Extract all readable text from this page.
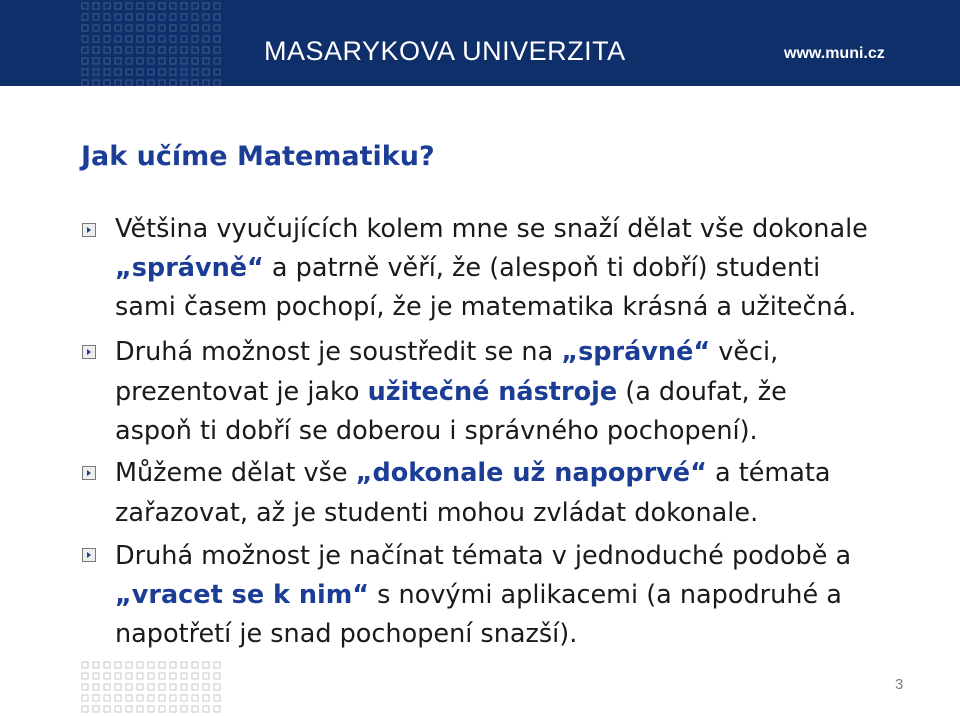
MASARYKOVA UNIVERZITA	www.muni.cz
Jak učíme Matematiku?
Většina vyučujících kolem mne se snaží dělat vše dokonale
„správně“ a patrně věří, že (alespoň ti dobří) studenti
sami časem pochopí, že je matematika krásná a užitečná.
Druhá možnost je soustředit se na „správné“ věci,
prezentovat je jako užitečné nástroje (a doufat, že
aspoň ti dobří se doberou i správného pochopení).
Můžeme dělat vše „dokonale už napoprvé“ a témata
zařazovat, až je studenti mohou zvládat dokonale.
Druhá možnost je načínat témata v jednoduché podobě a
„vracet se k nim“ s novými aplikacemi (a napodruhé a
napotřetí je snad pochopení snazší).
3
